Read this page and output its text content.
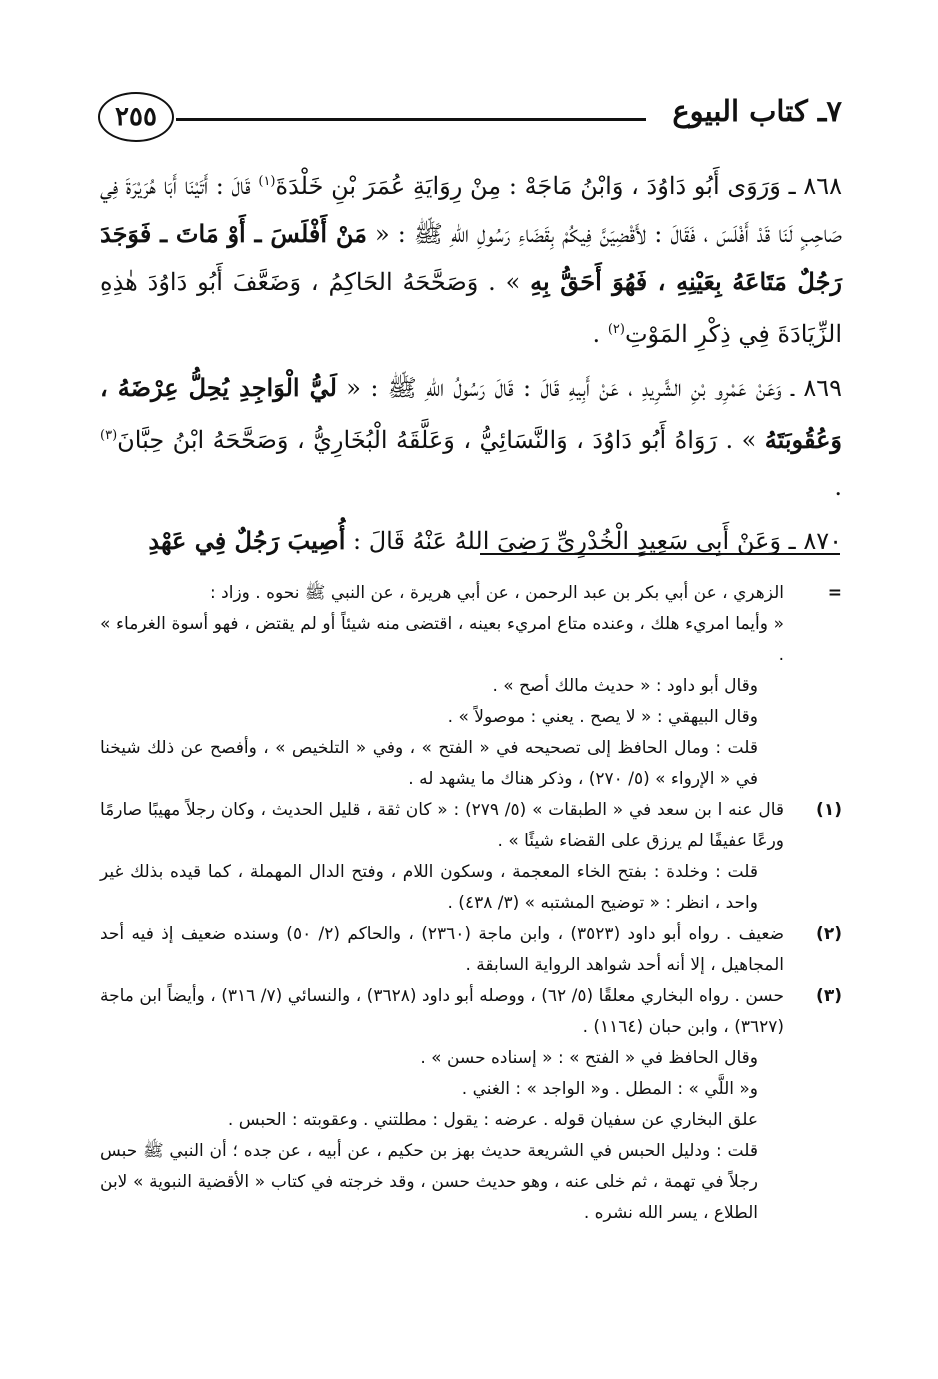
٧ـ كتاب البيوع
٢٥٥

٨٦٨ ـ وَرَوَى أَبُو دَاوُدَ ، وَابْنُ مَاجَهْ : مِنْ رِوَايَةِ عُمَرَ بْنِ خَلْدَةَ$^{(١)}$ قَالَ : أَتَيْنَا أَبَا هُرَيْرَةَ فِي صَاحِبٍ لَنَا قَدْ أَفْلَسَ ، فَقَالَ : لأَقْضِيَنَّ فِيكُمْ بِقَضَاءِ رَسُولِ اللهِ ﷺ : « مَنْ أَفْلَسَ ـ أَوْ مَاتَ ـ فَوَجَدَ رَجُلٌ مَتَاعَهُ بِعَيْنِهِ ، فَهُوَ أَحَقُّ بِهِ » . وَصَحَّحَهُ الحَاكِمُ ، وَضَعَّفَ أَبُو دَاوُدَ هٰذِهِ الزِّيَادَةَ فِي ذِكْرِ المَوْتِ$^{(٢)}$ .

٨٦٩ ـ وَعَنْ عَمْرِو بْنِ الشَّرِيدِ ، عَنْ أَبِيهِ قَالَ : قَالَ رَسُولُ اللهِ ﷺ : « لَيُّ الْوَاجِدِ يُحِلُّ عِرْضَهُ ، وَعُقُوبَتَهُ » . رَوَاهُ أَبُو دَاوُدَ ، وَالنَّسَائِيُّ ، وَعَلَّقَهُ الْبُخَارِيُّ ، وَصَحَّحَهُ ابْنُ حِبَّانَ$^{(٣)}$ .

٨٧٠ ـ وَعَنْ أَبِي سَعِيدٍ الْخُدْرِيِّ رَضِيَ اللهُ عَنْهُ قَالَ : أُصِيبَ رَجُلٌ فِي عَهْدِ

=
الزهري ، عن أبي بكر بن عبد الرحمن ، عن أبي هريرة ، عن النبي ﷺ نحوه . وزاد :
« وأيما امريء هلك ، وعنده متاع امريء بعينه ، اقتضى منه شيئاً أو لم يقتض ، فهو أسوة الغرماء » .
وقال أبو داود : « حديث مالك أصح » .
وقال البيهقي : « لا يصح . يعني : موصولاً » .
قلت : ومال الحافظ إلى تصحيحه في « الفتح » ، وفي « التلخيص » ، وأفصح عن ذلك شيخنا في « الإرواء » (٥/ ٢٧٠) ، وذكر هناك ما يشهد له .
(١)
قال عنه ا بن سعد في « الطبقات » (٥/ ٢٧٩) : « كان ثقة ، قليل الحديث ، وكان رجلاً مهيبًا صارمًا ورعًا عفيفًا لم يرزق على القضاء شيئًا » .
قلت : وخلدة : بفتح الخاء المعجمة ، وسكون اللام ، وفتح الدال المهملة ، كما قيده بذلك غير واحد ، انظر : « توضيح المشتبه » (٣/ ٤٣٨) .
(٢)
ضعيف . رواه أبو داود (٣٥٢٣) ، وابن ماجة (٢٣٦٠) ، والحاكم (٢/ ٥٠) وسنده ضعيف إذ فيه أحد المجاهيل ، إلا أنه أحد شواهد الرواية السابقة .
(٣)
حسن . رواه البخاري معلقًا (٥/ ٦٢) ، ووصله أبو داود (٣٦٢٨) ، والنسائي (٧/ ٣١٦) ، وأيضاً ابن ماجة (٣٦٢٧) ، وابن حبان (١١٦٤) .
وقال الحافظ في « الفتح » : « إسناده حسن » .
و« اللَّي » : المطل . و« الواجد » : الغني .
علق البخاري عن سفيان قوله . عرضه : يقول : مطلتني . وعقوبته : الحبس .
قلت : ودليل الحبس في الشريعة حديث بهز بن حكيم ، عن أبيه ، عن جده ؛ أن النبي ﷺ حبس رجلاً في تهمة ، ثم خلى عنه ، وهو حديث حسن ، وقد خرجته في كتاب « الأقضية النبوية » لابن الطلاع ، يسر الله نشره .
